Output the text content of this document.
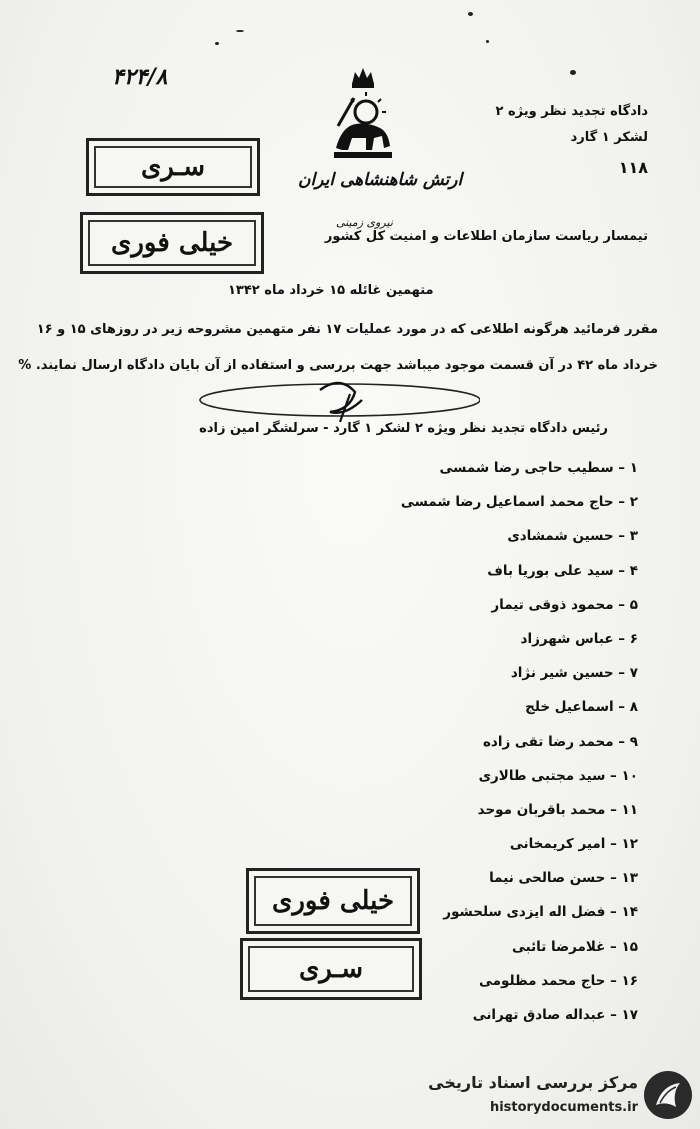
۴۲۴/۸
دادگاه تجدید نظر ویژه ۲
لشکر ۱ گارد
۱۱۸
ارتش شاهنشاهی ایران
نیروی زمینی
سـری
خیلی فوری	تیمسار ریاست سازمان اطلاعات و امنیت کل کشور
متهمین غائله ۱۵ خرداد ماه ۱۳۴۲
مقرر فرمائید هرگونه اطلاعی که در مورد عملیات ۱۷ نفر متهمین مشروحه زیر در روزهای ۱۵ و ۱۶
خرداد ماه ۴۲ در آن قسمت موجود میباشد جهت بررسی و استفاده از آن بایان دادگاه ارسال نمایند. %
رئیس دادگاه تجدید نظر ویژه ۲ لشکر ۱ گارد - سرلشگر امین زاده
۱ – سطیب حاجی رضا شمسی
۲ – حاج محمد اسماعیل رضا شمسی
۳ – حسین شمشادی
۴ – سید علی بوریا باف
۵ – محمود ذوقی تیمار
۶ – عباس شهرزاد
۷ – حسین شیر نژاد
۸ – اسماعیل خلج
۹ – محمد رضا تقی زاده
۱۰ – سید مجتبی طالاری
۱۱ – محمد باقربان موحد
۱۲ – امیر کریمخانی
۱۳ – حسن صالحی نیما
۱۴ – فضل اله ایزدی سلحشور
۱۵ – غلامرضا تائبی
۱۶ – حاج محمد مظلومی
۱۷ – عبداله صادق تهرانی
خیلی فوری
سـری
مرکز بررسی اسناد تاریخی
historydocuments.ir
